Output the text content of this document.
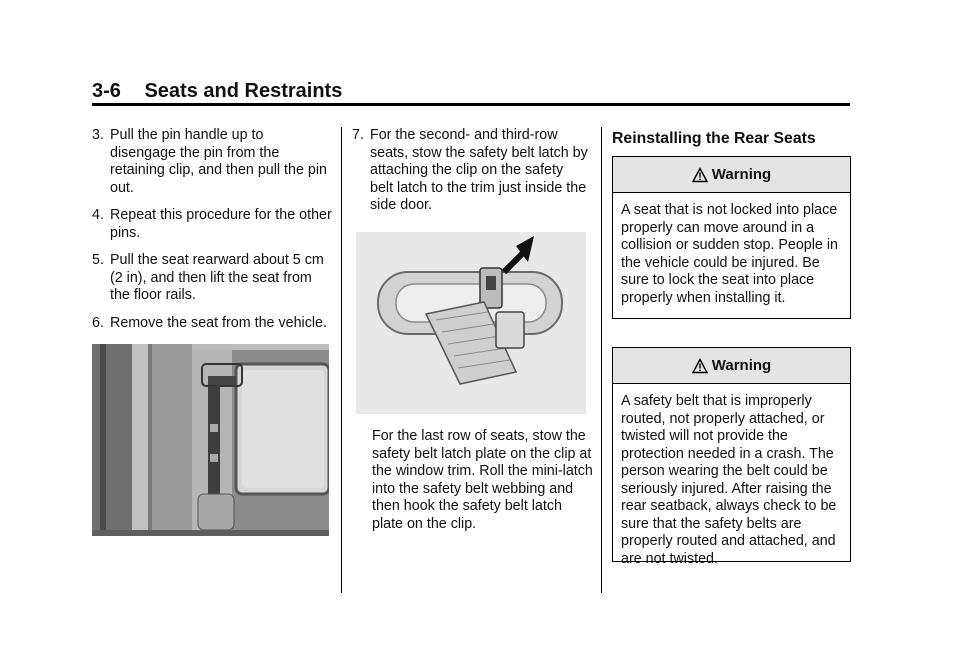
3-6 Seats and Restraints
3. Pull the pin handle up to disengage the pin from the retaining clip, and then pull the pin out.
4. Repeat this procedure for the other pins.
5. Pull the seat rearward about 5 cm (2 in), and then lift the seat from the floor rails.
6. Remove the seat from the vehicle.
7. For the second- and third-row seats, stow the safety belt latch by attaching the clip on the safety belt latch to the trim just inside the side door.
For the last row of seats, stow the safety belt latch plate on the clip at the window trim. Roll the mini-latch into the safety belt webbing and then hook the safety belt latch plate on the clip.
Reinstalling the Rear Seats
Warning
A seat that is not locked into place properly can move around in a collision or sudden stop. People in the vehicle could be injured. Be sure to lock the seat into place properly when installing it.
Warning
A safety belt that is improperly routed, not properly attached, or twisted will not provide the protection needed in a crash. The person wearing the belt could be seriously injured. After raising the rear seatback, always check to be sure that the safety belts are properly routed and attached, and are not twisted.
